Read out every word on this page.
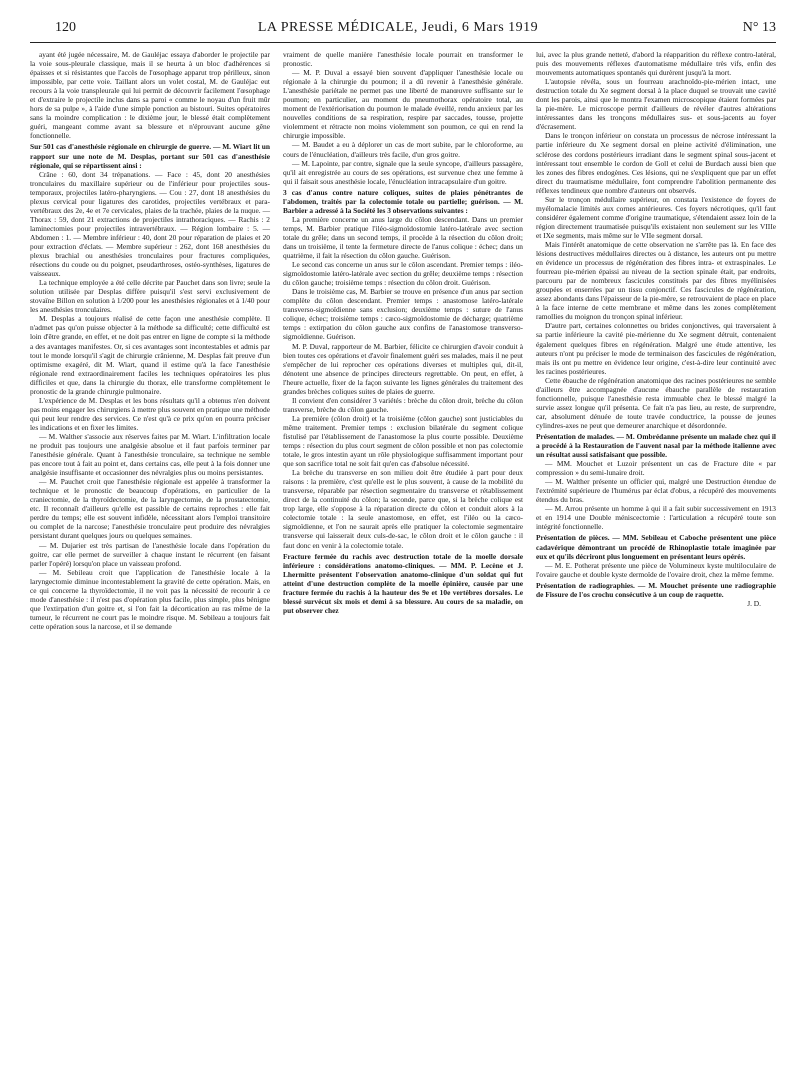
120	LA PRESSE MÉDICALE, Jeudi, 6 Mars 1919	N° 13

ayant été jugée nécessaire, M. de Gauléjac essaya d'aborder le projectile par la voie sous-pleurale classique, mais il se heurta à un bloc d'adhérences si épaisses et si résistantes que l'accès de l'œsophage apparut trop périlleux, sinon impossible, par cette voie. Taillant alors un volet costal, M. de Gauléjac eut recours à la voie transpleurale qui lui permit de découvrir facilement l'œsophage et d'extraire le projectile inclus dans sa paroi « comme le noyau d'un fruit mûr hors de sa pulpe », à l'aide d'une simple ponction au bistouri. Suites opératoires sans la moindre complication : le dixième jour, le blessé était complètement guéri, mangeant comme avant sa blessure et n'éprouvant aucune gêne fonctionnelle.

Sur 501 cas d'anesthésie régionale en chirurgie de guerre. — M. Wiart lit un rapport sur une note de M. Desplas, portant sur 501 cas d'anesthésie régionale, qui se répartissent ainsi :

Crâne : 60, dont 34 trépanations. — Face : 45, dont 20 anesthésies tronculaires du maxillaire supérieur ou de l'inférieur pour projectiles sous-temporaux, projectiles latéro-pharyngiens. — Cou : 27, dont 18 anesthésies du plexus cervical pour ligatures des carotides, projectiles vertébraux et para-vertébraux des 2e, 4e et 7e cervicales, plaies de la trachée, plaies de la nuque. — Thorax : 59, dont 21 extractions de projectiles intrathoraciques. — Rachis : 2 laminectomies pour projectiles intravertébraux. — Région lombaire : 5. — Abdomen : 1. — Membre inférieur : 40, dont 20 pour réparation de plaies et 20 pour extraction d'éclats. — Membre supérieur : 262, dont 168 anesthésies du plexus brachial ou anesthésies tronculaires pour fractures compliquées, résections du coude ou du poignet, pseudarthroses, ostéo-synthèses, ligatures de vaisseaux.

La technique employée a été celle décrite par Pauchet dans son livre; seule la solution utilisée par Desplas diffère puisqu'il s'est servi exclusivement de stovaïne Billon en solution à 1/200 pour les anesthésies régionales et à 1/40 pour les anesthésies tronculaires.

M. Desplas a toujours réalisé de cette façon une anesthésie complète. Il n'admet pas qu'on puisse objecter à la méthode sa difficulté; cette difficulté est loin d'être grande, en effet, et ne doit pas entrer en ligne de compte si la méthode a des avantages manifestes. Or, si ces avantages sont incontestables et admis par tout le monde lorsqu'il s'agit de chirurgie crânienne, M. Desplas fait preuve d'un optimisme exagéré, dit M. Wiart, quand il estime qu'à la face l'anesthésie régionale rend extraordinairement faciles les techniques opératoires les plus difficiles et que, dans la chirurgie du thorax, elle transforme complètement le pronostic de la grande chirurgie pulmonaire.

L'expérience de M. Desplas et les bons résultats qu'il a obtenus n'en doivent pas moins engager les chirurgiens à mettre plus souvent en pratique une méthode qui peut leur rendre des services. Ce n'est qu'à ce prix qu'on en pourra préciser les indications et en fixer les limites.

— M. Walther s'associe aux réserves faites par M. Wiart. L'infiltration locale ne produit pas toujours une analgésie absolue et il faut parfois terminer par l'anesthésie générale. Quant à l'anesthésie tronculaire, sa technique ne semble pas encore tout à fait au point et, dans certains cas, elle peut à la fois donner une analgésie insuffisante et occasionner des névralgies plus ou moins persistantes.

— M. Pauchet croit que l'anesthésie régionale est appelée à transformer la technique et le pronostic de beaucoup d'opérations, en particulier de la craniectomie, de la thyroïdectomie, de la laryngectomie, de la prostatectomie, etc. Il reconnaît d'ailleurs qu'elle est passible de certains reproches : elle fait perdre du temps; elle est souvent infidèle, nécessitant alors l'emploi transitoire ou complet de la narcose; l'anesthésie tronculaire peut produire des névralgies persistant durant quelques jours ou quelques semaines.

— M. Dujarier est très partisan de l'anesthésie locale dans l'opération du goitre, car elle permet de surveiller à chaque instant le récurrent (en faisant parler l'opéré) lorsqu'on place un vaisseau profond.

— M. Sebileau croit que l'application de l'anesthésie locale à la laryngectomie diminue incontestablement la gravité de cette opération. Mais, en ce qui concerne la thyroïdectomie, il ne voit pas la nécessité de recourir à ce mode d'anesthésie : il n'est pas d'opération plus facile, plus simple, plus bénigne que l'extirpation d'un goitre et, si l'on fait la décortication au ras même de la tumeur, le récurrent ne court pas le moindre risque. M. Sebileau a toujours fait cette opération sous la narcose, et il se demande

vraiment de quelle manière l'anesthésie locale pourrait en transformer le pronostic.

— M. P. Duval a essayé bien souvent d'appliquer l'anesthésie locale ou régionale à la chirurgie du poumon; il a dû revenir à l'anesthésie générale. L'anesthésie pariétale ne permet pas une liberté de manœuvre suffisante sur le poumon; en particulier, au moment du pneumothorax opératoire total, au moment de l'extériorisation du poumon le malade éveillé, rendu anxieux par les nouvelles conditions de sa respiration, respire par saccades, tousse, projette violemment et rétracte non moins violemment son poumon, ce qui en rend la chirurgie impossible.

— M. Baudet a eu à déplorer un cas de mort subite, par le chloroforme, au cours de l'énucléation, d'ailleurs très facile, d'un gros goitre.

— M. Lapointe, par contre, signale que la seule syncope, d'ailleurs passagère, qu'il ait enregistrée au cours de ses opérations, est survenue chez une femme à qui il faisait sous anesthésie locale, l'énucléation intracapsulaire d'un goitre.

3 cas d'anus contre nature coliques, suites de plaies pénétrantes de l'abdomen, traités par la colectomie totale ou partielle; guérison. — M. Barbier a adressé à la Société les 3 observations suivantes :

La première concerne un anus large du côlon descendant. Dans un premier temps, M. Barbier pratique l'iléo-sigmoïdostomie latéro-latérale avec section totale du grêle; dans un second temps, il procède à la résection du côlon droit; dans un troisième, il tente la fermeture directe de l'anus colique : échec; dans un quatrième, il fait la résection du côlon gauche. Guérison.

Le second cas concerne un anus sur le côlon ascendant. Premier temps : iléo-sigmoïdostomie latéro-latérale avec section du grêle; deuxième temps : résection du côlon gauche; troisième temps : résection du côlon droit. Guérison.

Dans le troisième cas, M. Barbier se trouve en présence d'un anus par section complète du côlon descendant. Premier temps : anastomose latéro-latérale transverso-sigmoïdienne sans exclusion; deuxième temps : suture de l'anus colique, échec; troisième temps : cæco-sigmoïdostomie de décharge; quatrième temps : extirpation du côlon gauche aux confins de l'anastomose transverso-sigmoïdienne. Guérison.

M. P. Duval, rapporteur de M. Barbier, félicite ce chirurgien d'avoir conduit à bien toutes ces opérations et d'avoir finalement guéri ses malades, mais il ne peut s'empêcher de lui reprocher ces opérations diverses et multiples qui, dit-il, dénotent une absence de principes directeurs regrettable. On peut, en effet, à l'heure actuelle, fixer de la façon suivante les lignes générales du traitement des grandes brèches coliques suites de plaies de guerre.

Il convient d'en considérer 3 variétés : brèche du côlon droit, brèche du côlon transverse, brèche du côlon gauche.

La première (côlon droit) et la troisième (côlon gauche) sont justiciables du même traitement. Premier temps : exclusion bilatérale du segment colique fistulisé par l'établissement de l'anastomose la plus courte possible. Deuxième temps : résection du plus court segment de côlon possible et non pas colectomie totale, le gros intestin ayant un rôle physiologique suffisamment important pour que son sacrifice total ne soit fait qu'en cas d'absolue nécessité.

La brèche du transverse en son milieu doit être étudiée à part pour deux raisons : la première, c'est qu'elle est le plus souvent, à cause de la mobilité du transverse, réparable par résection segmentaire du transverse et rétablissement direct de la continuité du côlon; la seconde, parce que, si la brèche colique est trop large, elle s'oppose à la réparation directe du côlon et conduit alors à la colectomie totale : la seule anastomose, en effet, est l'iléo ou la cæco-sigmoïdienne, et l'on ne saurait après elle pratiquer la colectomie segmentaire transverse qui laisserait deux culs-de-sac, le côlon droit et le côlon gauche : il faut donc en venir à la colectomie totale.

Fracture fermée du rachis avec destruction totale de la moelle dorsale inférieure : considérations anatomo-cliniques. — MM. P. Lecène et J. Lhermitte présentent l'observation anatomo-clinique d'un soldat qui fut atteint d'une destruction complète de la moelle épinière, causée par une fracture fermée du rachis à la hauteur des 9e et 10e vertèbres dorsales. Le blessé survécut six mois et demi à sa blessure. Au cours de sa maladie, on put observer chez

lui, avec la plus grande netteté, d'abord la réapparition du réflexe contro-latéral, puis des mouvements réflexes d'automatisme médullaire très vifs, enfin des mouvements automatiques spontanés qui durèrent jusqu'à la mort.

L'autopsie révéla, sous un fourreau arachnoïdo-pie-mérien intact, une destruction totale du Xe segment dorsal à la place duquel se trouvait une cavité dont les parois, ainsi que le montra l'examen microscopique étaient formées par la pie-mère. Le microscope permit d'ailleurs de révéler d'autres altérations intéressantes dans les tronçons médullaires sus- et sous-jacents au foyer d'écrasement.

Dans le tronçon inférieur on constata un processus de nécrose intéressant la partie inférieure du Xe segment dorsal en pleine activité d'élimination, une sclérose des cordons postérieurs irradiant dans le segment spinal sous-jacent et intéressant tout ensemble le cordon de Goll et celui de Burdach aussi bien que les zones des fibres endogènes. Ces lésions, qui ne s'expliquent que par un effet direct du traumatisme médullaire, font comprendre l'abolition permanente des réflexes tendineux que nombre d'auteurs ont observés.

Sur le tronçon médullaire supérieur, on constata l'existence de foyers de myélomalacie limités aux cornes antérieures. Ces foyers nécrotiques, qu'il faut considérer également comme d'origine traumatique, s'étendaient assez loin de la région directement traumatisée puisqu'ils existaient non seulement sur les VIIIe et IXe segments, mais même sur le VIIe segment dorsal.

Mais l'intérêt anatomique de cette observation ne s'arrête pas là. En face des lésions destructives médullaires directes ou à distance, les auteurs ont pu mettre en évidence un processus de régénération des fibres intra- et extraspinales. Le fourreau pie-mérien épaissi au niveau de la section spinale était, par endroits, parcouru par de nombreux fascicules constitués par des fibres myélinisées groupées et enserrées par un tissu conjonctif. Ces fascicules de régénération, assez abondants dans l'épaisseur de la pie-mère, se retrouvaient de place en place à la face interne de cette membrane et même dans les zones complètement ramollies du moignon du tronçon spinal inférieur.

D'autre part, certaines colonnettes ou brides conjonctives, qui traversaient à sa partie inférieure la cavité pie-mérienne du Xe segment détruit, contenaient également quelques fibres en régénération. Malgré une étude attentive, les auteurs n'ont pu préciser le mode de terminaison des fascicules de régénération, mais ils ont pu mettre en évidence leur origine, c'est-à-dire leur continuité avec les racines postérieures.

Cette ébauche de régénération anatomique des racines postérieures ne semble d'ailleurs être accompagnée d'aucune ébauche parallèle de restauration fonctionnelle, puisque l'anesthésie resta immuable chez le blessé malgré la survie assez longue qu'il présenta. Ce fait n'a pas lieu, au reste, de surprendre, car, absolument dénuée de toute travée conductrice, la pousse de jeunes cylindres-axes ne peut que demeurer anarchique et désordonnée.

Présentation de malades. — M. Ombrédanne présente un malade chez qui il a procédé à la Restauration de l'auvent nasal par la méthode italienne avec un résultat aussi satisfaisant que possible.

— MM. Mouchet et Luzoir présentent un cas de Fracture dite « par compression » du semi-lunaire droit.

— M. Walther présente un officier qui, malgré une Destruction étendue de l'extrémité supérieure de l'humérus par éclat d'obus, a récupéré des mouvements étendus du bras.

— M. Arrou présente un homme à qui il a fait subir successivement en 1913 et en 1914 une Double méniscectomie : l'articulation a récupéré toute son intégrité fonctionnelle.

Présentation de pièces. — MM. Sebileau et Caboche présentent une pièce cadavérique démontrant un procédé de Rhinoplastie totale imaginée par eux et qu'ils décriront plus longuement en présentant leurs opérés.

— M. E. Potherat présente une pièce de Volumineux kyste multiloculaire de l'ovaire gauche et double kyste dermoïde de l'ovaire droit, chez la même femme.

Présentation de radiographies. — M. Mouchet présente une radiographie de Fissure de l'os crochu consécutive à un coup de raquette.

J. D.
